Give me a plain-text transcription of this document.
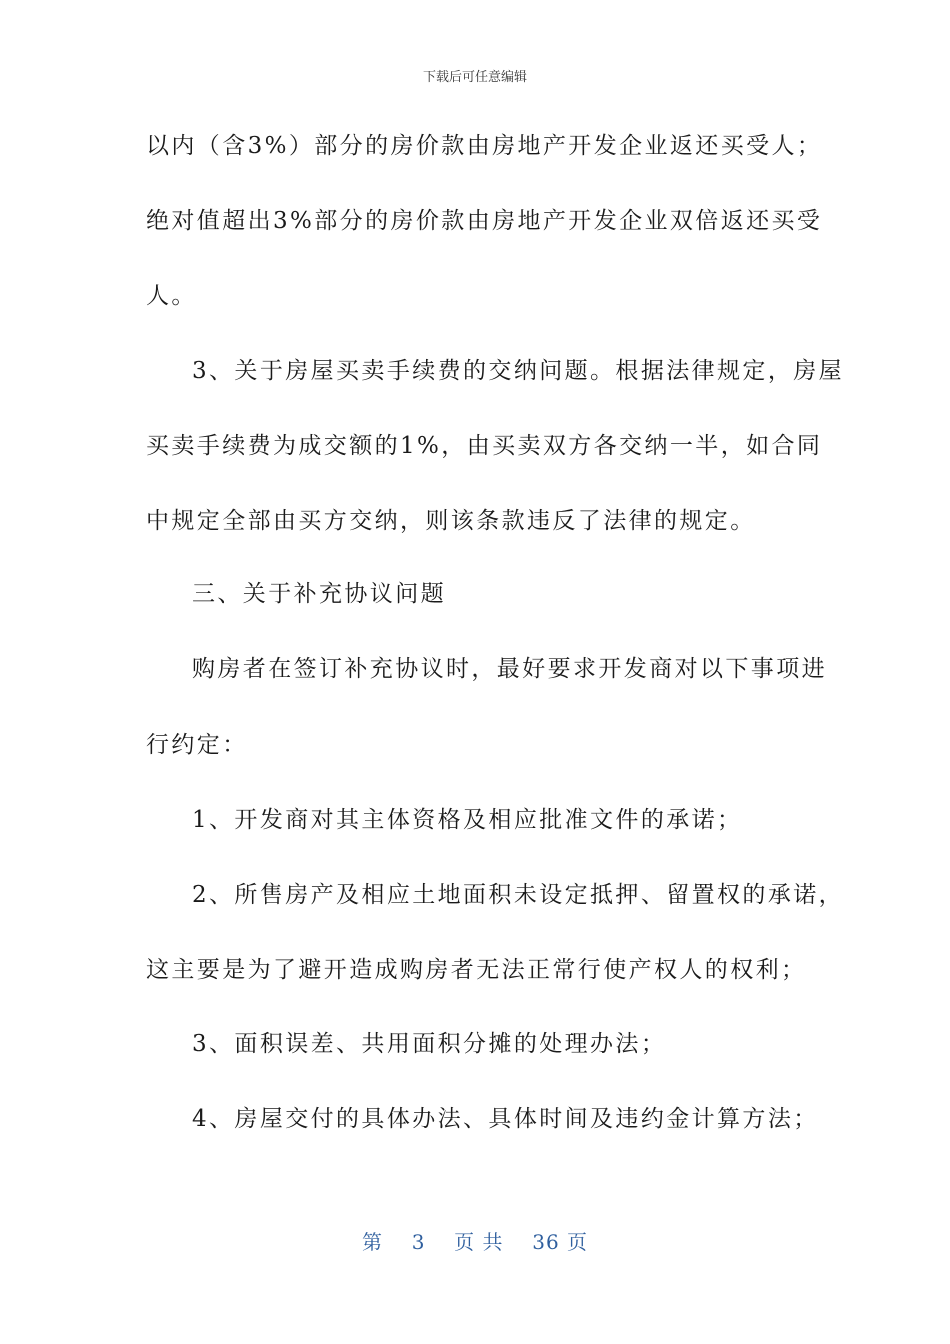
下载后可任意编辑
以内（含3%）部分的房价款由房地产开发企业返还买受人；
绝对值超出3%部分的房价款由房地产开发企业双倍返还买受
人。
3、关于房屋买卖手续费的交纳问题。根据法律规定，房屋
买卖手续费为成交额的1%，由买卖双方各交纳一半，如合同
中规定全部由买方交纳，则该条款违反了法律的规定。
三、关于补充协议问题
购房者在签订补充协议时，最好要求开发商对以下事项进
行约定：
1、开发商对其主体资格及相应批准文件的承诺；
2、所售房产及相应土地面积未设定抵押、留置权的承诺，
这主要是为了避开造成购房者无法正常行使产权人的权利；
3、面积误差、共用面积分摊的处理办法；
4、房屋交付的具体办法、具体时间及违约金计算方法；
第 3 页 共 36 页
